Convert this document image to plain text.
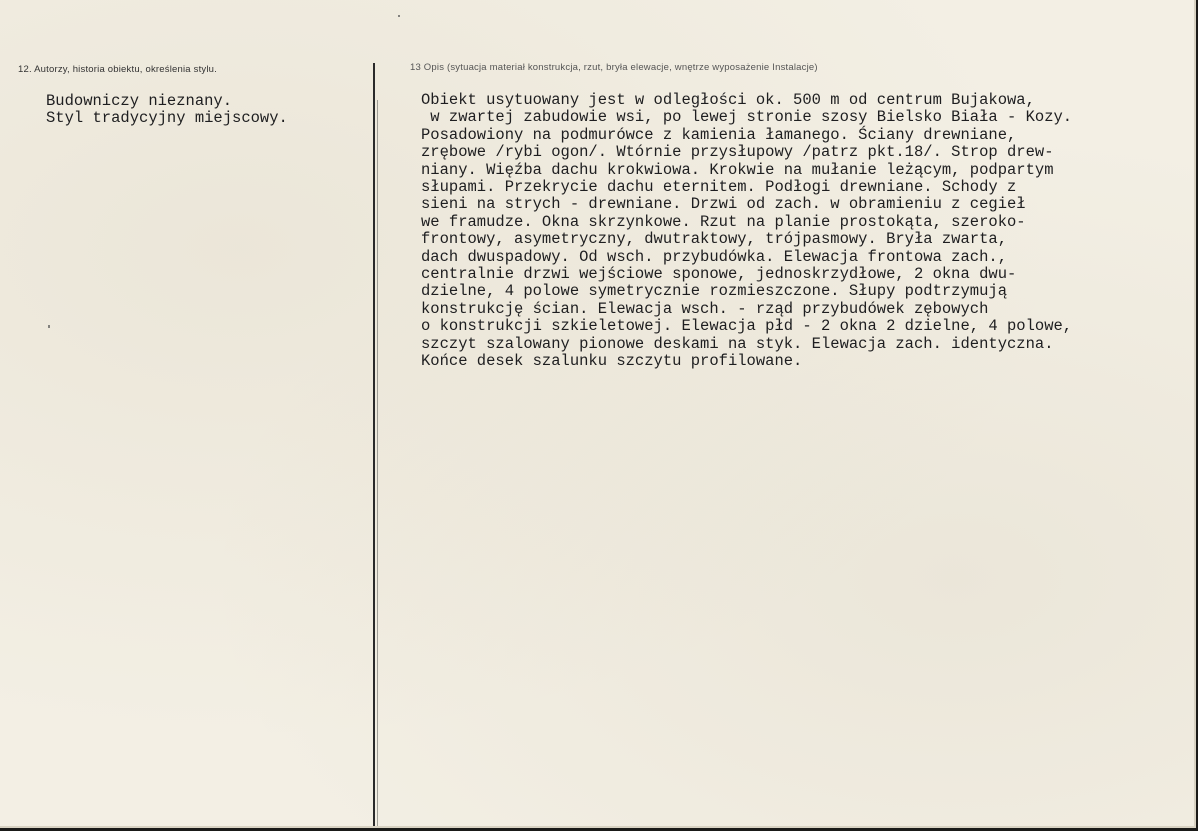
12. Autorzy, historia obiektu, określenia stylu.	13 Opis (sytuacja materiał konstrukcja, rzut, bryła elewacje, wnętrze wyposażenie Instalacje)
Budowniczy nieznany.
Styl tradycyjny miejscowy.
Obiekt usytuowany jest w odległości ok. 500 m od centrum Bujakowa,
w zwartej zabudowie wsi, po lewej stronie szosy Bielsko Biała - Kozy.
Posadowiony na podmurówce z kamienia łamanego. Ściany drewniane,
zrębowe /rybi ogon/. Wtórnie przysłupowy /patrz pkt.18/. Strop drew-
niany. Więźba dachu krokwiowa. Krokwie na mułanie leżącym, podpartym
słupami. Przekrycie dachu eternitem. Podłogi drewniane. Schody z
sieni na strych - drewniane. Drzwi od zach. w obramieniu z cegieł
we framudze. Okna skrzynkowe. Rzut na planie prostokąta, szeroko-
frontowy, asymetryczny, dwutraktowy, trójpasmowy. Bryła zwarta,
dach dwuspadowy. Od wsch. przybudówka. Elewacja frontowa zach.,
centralnie drzwi wejściowe sponowe, jednoskrzydłowe, 2 okna dwu-
dzielne, 4 polowe symetrycznie rozmieszczone. Słupy podtrzymują
konstrukcję ścian. Elewacja wsch. - rząd przybudówek zębowych
o konstrukcji szkieletowej. Elewacja płd - 2 okna 2 dzielne, 4 polowe,
szczyt szalowany pionowe deskami na styk. Elewacja zach. identyczna.
Końce desek szalunku szczytu profilowane.
